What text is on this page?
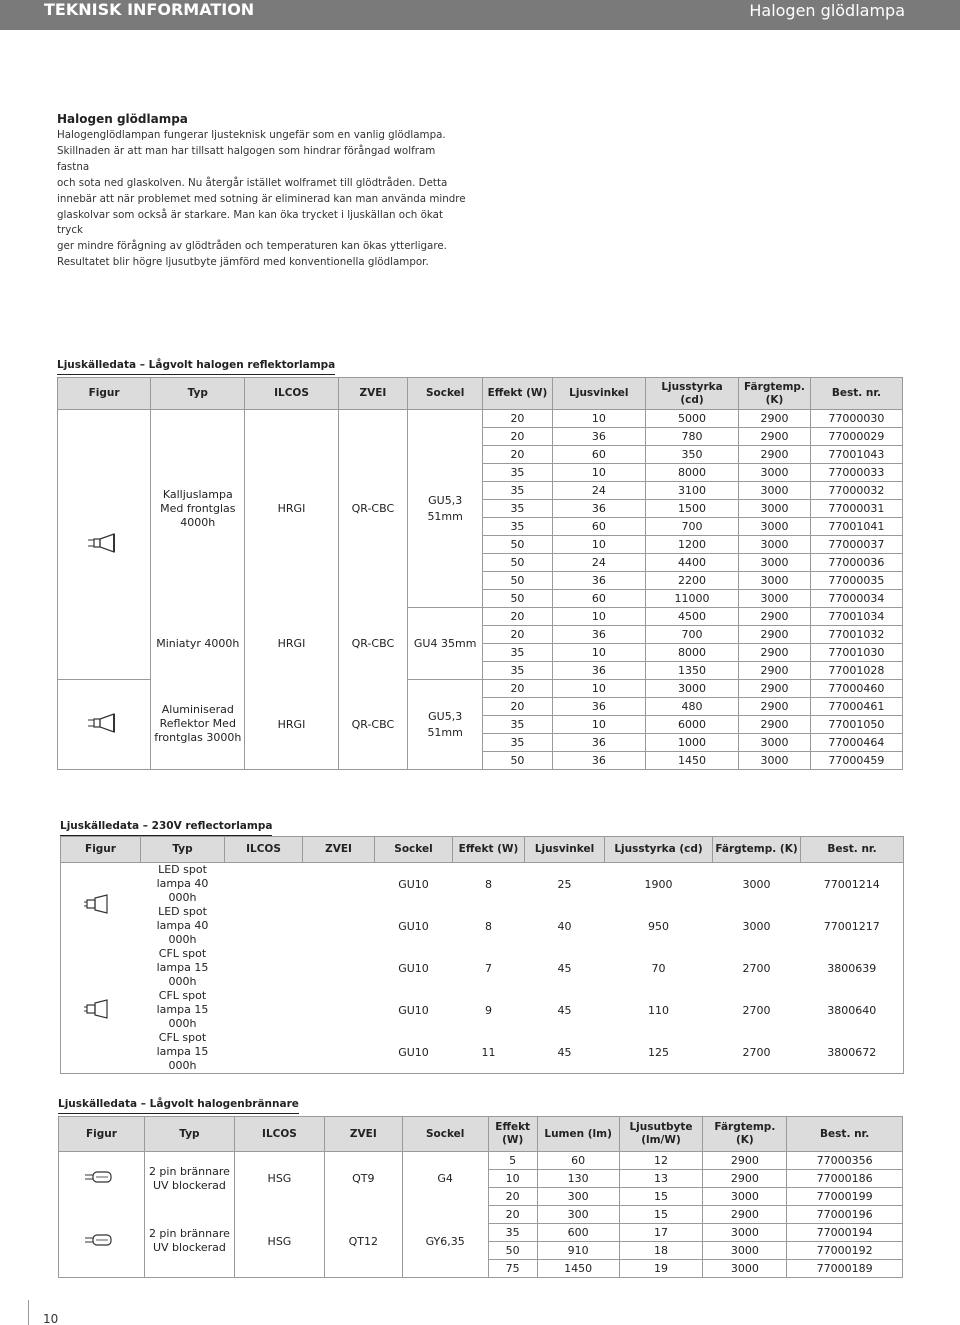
TEKNISK INFORMATION	Halogen glödlampa
Halogen glödlampa

Halogenglödlampan fungerar ljusteknisk ungefär som en vanlig glödlampa.
Skillnaden är att man har tillsatt halgogen som hindrar förångad wolfram fastna
och sota ned glaskolven. Nu återgår istället wolframet till glödtråden. Detta
innebär att när problemet med sotning är eliminerad kan man använda mindre
glaskolvar som också är starkare. Man kan öka trycket i ljuskällan och ökat tryck
ger mindre förågning av glödtråden och temperaturen kan ökas ytterligare.
Resultatet blir högre ljusutbyte jämförd med konventionella glödlampor.

Ljuskälledata – Lågvolt halogen reflektorlampa
Figur	Typ	ILCOS	ZVEI	Sockel	Effekt (W)	Ljusvinkel	Ljusstyrka (cd)	Färgtemp. (K)	Best. nr.
	Kalljuslampa Med frontglas 4000h	HRGI	QR-CBC	GU5,3 51mm	20	10	5000	2900	77000030
					20	36	780	2900	77000029
					20	60	350	2900	77001043
					35	10	8000	3000	77000033
					35	24	3100	3000	77000032
					35	36	1500	3000	77000031
					35	60	700	3000	77001041
					50	10	1200	3000	77000037
					50	24	4400	3000	77000036
					50	36	2200	3000	77000035
					50	60	11000	3000	77000034
	Miniatyr 4000h	HRGI	QR-CBC	GU4 35mm	20	10	4500	2900	77001034
					20	36	700	2900	77001032
					35	10	8000	2900	77001030
					35	36	1350	2900	77001028
	Aluminiserad Reflektor Med frontglas 3000h	HRGI	QR-CBC	GU5,3 51mm	20	10	3000	2900	77000460
					20	36	480	2900	77000461
					35	10	6000	2900	77001050
					35	36	1000	3000	77000464
					50	36	1450	3000	77000459
Ljuskälledata – 230V reflectorlampa
Figur	Typ	ILCOS	ZVEI	Sockel	Effekt (W)	Ljusvinkel	Ljusstyrka (cd)	Färgtemp. (K)	Best. nr.
	LED spot lampa 40 000h			GU10	8	25	1900	3000	77001214
	LED spot lampa 40 000h			GU10	8	40	950	3000	77001217
	CFL spot lampa 15 000h			GU10	7	45	70	2700	3800639
	CFL spot lampa 15 000h			GU10	9	45	110	2700	3800640
	CFL spot lampa 15 000h			GU10	11	45	125	2700	3800672
Ljuskälledata – Lågvolt halogenbrännare
Figur	Typ	ILCOS	ZVEI	Sockel	Effekt (W)	Lumen (lm)	Ljusutbyte (lm/W)	Färgtemp. (K)	Best. nr.
	2 pin brännare UV blockerad	HSG	QT9	G4	5	60	12	2900	77000356
					10	130	13	2900	77000186
					20	300	15	3000	77000199
	2 pin brännare UV blockerad	HSG	QT12	GY6,35	20	300	15	2900	77000196
					35	600	17	3000	77000194
					50	910	18	3000	77000192
					75	1450	19	3000	77000189
10
